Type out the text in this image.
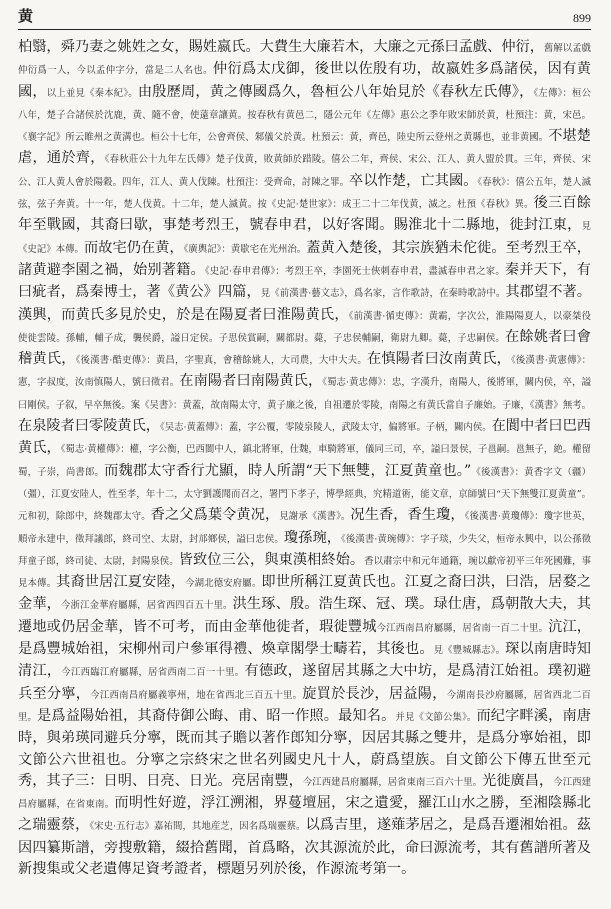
黄	899

柏翳，舜乃妻之姚姓之女，賜姓嬴氏。大費生大廉若木，大廉之元孫曰孟戲、仲衍，舊解以孟戲仲衍爲一人，今以孟仲字分，當是二人名也。仲衍爲太戊御，後世以佐殷有功，故嬴姓多爲諸侯，因有黄國，以上並見《秦本紀》。由殷歷周，黄之傳國爲久，魯桓公八年始見於《春秋左氏傳》，《左傳》：桓公八年，楚子合諸侯於沈鹿，黄、隨不會，使薳章讓黄。按春秋有黄邑二，隱公元年《左傳》惠公之季年敗宋師於黄，杜預注：黄，宋邑。《襄字記》所云睢州之黄溝也。桓公十七年，公會齊侯、邾儀父於黄。杜預云：黄，齊邑，陸史所云登州之黄縣也，並非黄國。不堪楚虐，通於齊，《春秋莊公十九年左氏傳》楚子伐黄，敗黄師於踖陵。僖公二年，齊侯、宋公、江人、黄人盟於貫。三年，齊侯、宋公、江人黄人會於陽穀。四年，江人、黄人伐陳。杜預注：受齊命，討陳之罪。卒以怍楚，亡其國。《春秋》：僖公五年，楚人滅弦，弦子奔黄。十一年，楚人伐黄。十二年，楚人滅黄。按《史記·楚世家》：成王二十二年伐黄，滅之。杜預《春秋》異。後三百餘年至戰國，其裔曰歇，事楚考烈王，號春申君，以好客聞。賜淮北十二縣地，徙封江東，見《史記》本傳。而故宅仍在黄，《廣輿記》：黄歇宅在光州治。蓋黄入楚後，其宗族猶未佗徙。至考烈王卒，諸黄避李園之禍，始别著籍。《史記·春申君傳》：考烈王卒，李園死士俠刺春申君，盡滅春申君之家。秦并天下，有曰疵者，爲秦博士，著《黄公》四篇，見《前漢書·藝文志》，爲名家，言作歌詩，在秦時歌詩中。其郡望不著。漢興，而黄氏多見於史，於是在陽夏者曰淮陽黄氏，《前漢書·循吏傳》：黄霸，字次公，淮陽陽夏人，以豪桀役使徙雲陵。孫輔，輔子成，襲侯爵，謚日定侯。子思侯賞嗣，關都尉。薨，子忠侯輔嗣，衛尉九卿。薨，子忠嗣侯。在餘姚者曰會稽黄氏，《後漢書·酷吏傳》：黄昌，字聖真，會稽餘姚人，大司農，大中大夫。在慎陽者曰汝南黄氏，《後漢書·黄憲傳》：憲，字叔度，汝南慎陽人，號曰徵君。在南陽者曰南陽黄氏，《蜀志·黄忠傳》：忠，字漢升，南陽人，後將軍，關内侯，卒，謚曰剛侯。子叙，早卒無後。案《吴書》：黄蓋，故南陽太守，黄子廉之後，自祖遷於零陵，南陽之有黄氏當自子廉始。子廉，《漢書》無考。在泉陵者曰零陵黄氏，《吴志·黄蓋傳》：蓋，字公覆，零陵泉陵人，武陵太守，偏將軍。子柄，關内侯。在閬中者曰巴西黄氏，《蜀志·黄權傳》：權，字公衡，巴西閬中人，鎮北將軍，仕魏，車騎將軍，儀同三司，卒，謚曰景侯，子邕嗣。邕無子，絶。權留蜀，子崇，尚書郎。而魏郡太守香行尤顯，時人所謂“天下無雙，江夏黄童也。”《後漢書》：黄香字文（疆）（彊），江夏安陸人，性至孝，年十二，太守劉護聞而召之，署門下孝子，博學經典，究精道術，能文章，京師號曰“天下無雙江夏黄童”。元和初，除郎中，終魏郡太守。香之父爲葉令黄况，見謝承《漢書》。况生香，香生瓊，《後漢書·黄瓊傳》：瓊字世英，順帝永建中，徵拜議郎，終司空、太尉，封邟鄉侯，謚曰忠侯。瓊孫琬，《後漢書·黄琬傳》：字子琰，少失父，桓帝永興中，以公孫徵拜童子郎，終司徒、太尉，封陽泉侯。皆致位三公，與東漢相終始。香以肅宗中和元年通籍，琬以獻帝初平三年死國難，事見本傳。其裔世居江夏安陸，今湖北德安府屬。即世所稱江夏黄氏也。江夏之裔曰洪，曰浩，居婺之金華，今浙江金華府屬縣，居省西四百五十里。洪生琢、殷。浩生琛、冠、璞。琭仕唐，爲朝散大夫，其遷地或仍居金華，皆不可考，而由金華他徙者，瑕徙豐城今江西南昌府屬縣，居省南一百二十里。沆江，是爲豐城始祖，宋柳州司户參軍得禮、煥章閣學士疇若，其後也。見《豐城縣志》。琛以南唐時知清江，今江西臨江府屬縣，居省西南二百一十里。有德政，遂留居其縣之大中坊，是爲清江始祖。璞初避兵至分寧，今江西南昌府屬義寧州，地在省西北三百五十里。旋買於長沙，居益陽，今湖南長沙府屬縣，居省西北二百里。是爲益陽始祖，其裔侍御公晦、甫、昭一作照。最知名。并見《文節公集》。而纪字畔溪，南唐時，與弟瑛同避兵分寧，既而其子贍以著作郎知分寧，因居其縣之雙井，是爲分寧始祖，即文節公六世祖也。分寧之宗終宋之世名列國史凡十人，蔚爲望族。自文節公下傳五世至元秀，其子三：日明、日亮、日光。亮居南豐，今江西建昌府屬縣，居省東南三百六十里。光徙廣昌，今江西建昌府屬縣，在省東南。而明性好遊，浮江溯湘，界蔓壇屈，宋之遺愛，羅江山水之勝，至湘陰縣北之瑞靈蔡，《宋史·五行志》嘉祐間，其地産芝，因名爲瑞靈蔡。以爲吉里，遂薙茅居之，是爲吾遷湘始祖。茲因四纂斯譜，旁搜敷籍，綴拾舊聞，首爲略，次其源流於此，命曰源流考，其有舊譜所著及新搜集或父老遺傳足資考證者，標題另列於後，作源流考第一。
